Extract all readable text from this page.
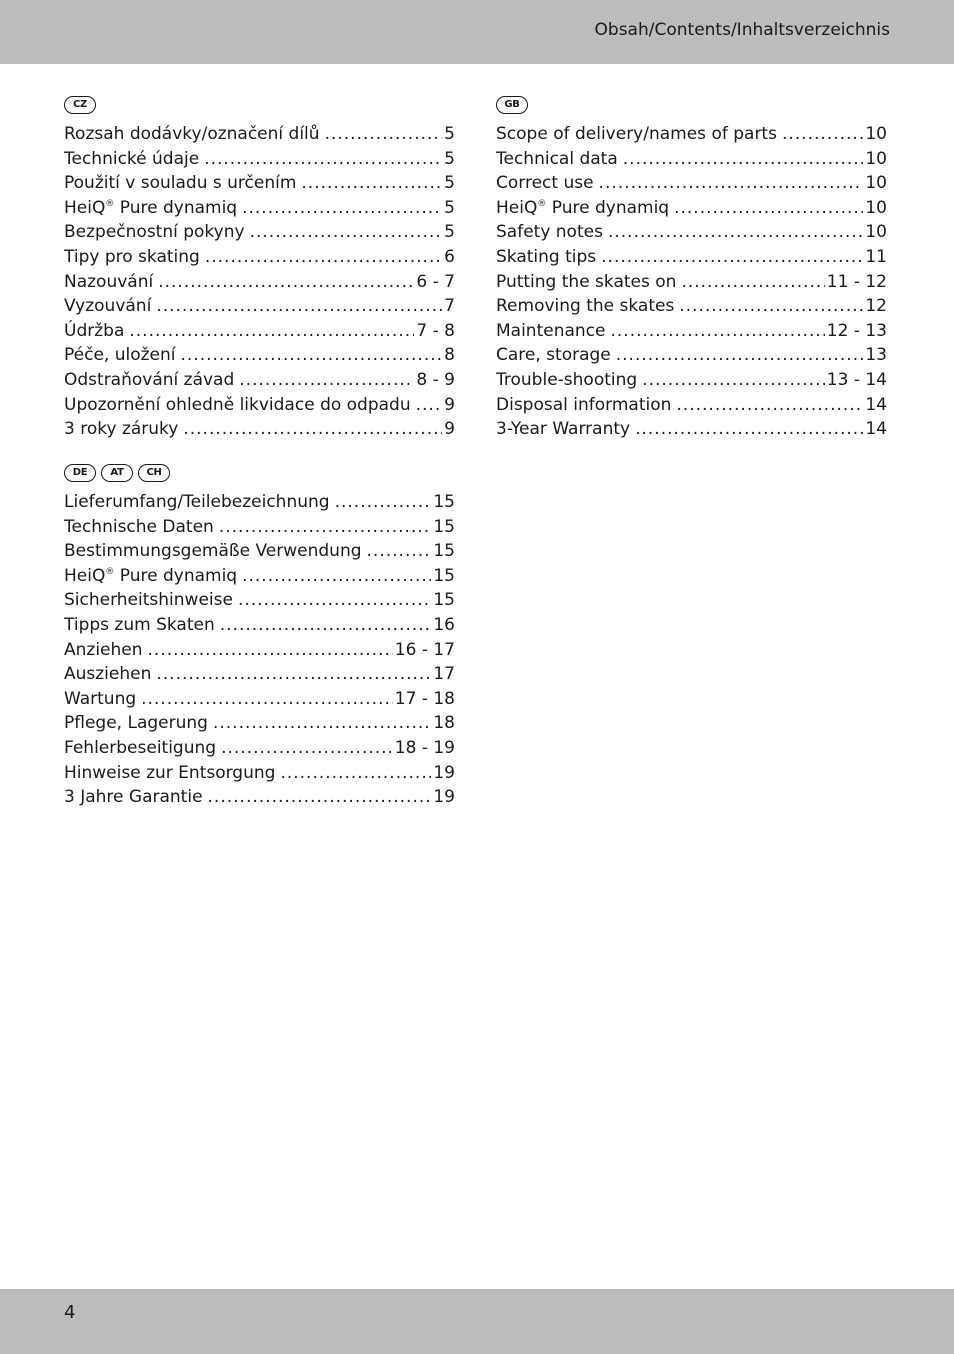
Obsah/Contents/Inhaltsverzeichnis
CZ
Rozsah dodávky/označení dílů .....	5
Technické údaje .....	5
Použití v souladu s určením .....	5
HeiQ® Pure dynamiq .....	5
Bezpečnostní pokyny .....	5
Tipy pro skating .....	6
Nazouvání .....	6 - 7
Vyzouvání .....	7
Údržba .....	7 - 8
Péče, uložení .....	8
Odstraňování závad .....	8 - 9
Upozornění ohledně likvidace do odpadu ..... 9
3 roky záruky .....	9
DE	AT	CH
Lieferumfang/Teilebezeichnung .....	15
Technische Daten .....	15
Bestimmungsgemäße Verwendung .....	15
HeiQ® Pure dynamiq .....	15
Sicherheitshinweise .....	15
Tipps zum Skaten .....	16
Anziehen .....	16 - 17
Ausziehen .....	17
Wartung .....	17 - 18
Pflege, Lagerung .....	18
Fehlerbeseitigung .....	18 - 19
Hinweise zur Entsorgung .....	19
3 Jahre Garantie .....	19
GB
Scope of delivery/names of parts .....	10
Technical data .....	10
Correct use .....	10
HeiQ® Pure dynamiq .....	10
Safety notes .....	10
Skating tips .....	11
Putting the skates on .....	11 - 12
Removing the skates .....	12
Maintenance .....	12 - 13
Care, storage .....	13
Trouble-shooting .....	13 - 14
Disposal information .....	14
3-Year Warranty .....	14
4
